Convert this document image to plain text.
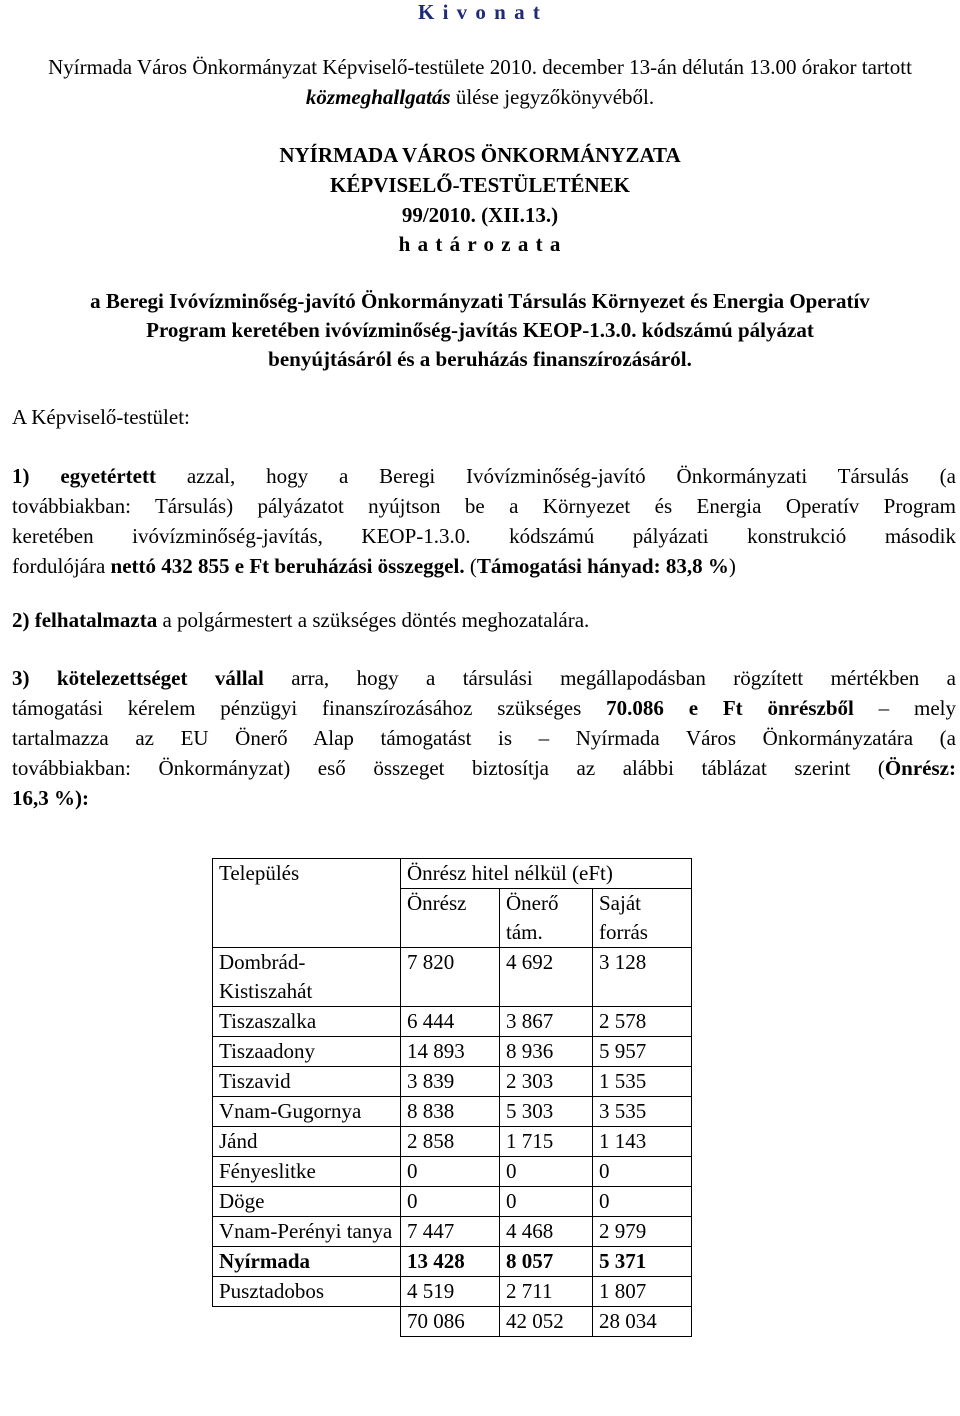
K i v o n a t
Nyírmada Város Önkormányzat Képviselő-testülete 2010. december 13-án délután 13.00 órakor tartott közmeghallgatás ülése jegyzőkönyvéből.
NYÍRMADA VÁROS ÖNKORMÁNYZATA
KÉPVISELŐ-TESTÜLETÉNEK
99/2010. (XII.13.)
h a t á r o z a t a
a Beregi Ivóvízminőség-javító Önkormányzati Társulás Környezet és Energia Operatív
Program keretében ivóvízminőség-javítás KEOP-1.3.0. kódszámú pályázat
benyújtásáról és a beruházás finanszírozásáról.
A Képviselő-testület:
1) egyetértett azzal, hogy a Beregi Ivóvízminőség-javító Önkormányzati Társulás (a
továbbiakban: Társulás) pályázatot nyújtson be a Környezet és Energia Operatív Program
keretében ivóvízminőség-javítás, KEOP-1.3.0. kódszámú pályázati konstrukció második
fordulójára nettó 432 855 e Ft beruházási összeggel. (Támogatási hányad: 83,8 %)
2) felhatalmazta a polgármestert a szükséges döntés meghozatalára.
3) kötelezettséget vállal arra, hogy a társulási megállapodásban rögzített mértékben a
támogatási kérelem pénzügyi finanszírozásához szükséges 70.086 e Ft önrészből – mely
tartalmazza az EU Önerő Alap támogatást is – Nyírmada Város Önkormányzatára (a
továbbiakban: Önkormányzat) eső összeget biztosítja az alábbi táblázat szerint (Önrész:
16,3 %):
Település	Önrész hitel nélkül (eFt)		
	Önrész	Önerő tám.	Saját forrás
Dombrád-Kistiszahát	7 820	4 692	3 128
Tiszaszalka	6 444	3 867	2 578
Tiszaadony	14 893	8 936	5 957
Tiszavid	3 839	2 303	1 535
Vnam-Gugornya	8 838	5 303	3 535
Jánd	2 858	1 715	1 143
Fényeslitke	0	0	0
Döge	0	0	0
Vnam-Perényi tanya	7 447	4 468	2 979
Nyírmada	13 428	8 057	5 371
Pusztadobos	4 519	2 711	1 807
	70 086	42 052	28 034
